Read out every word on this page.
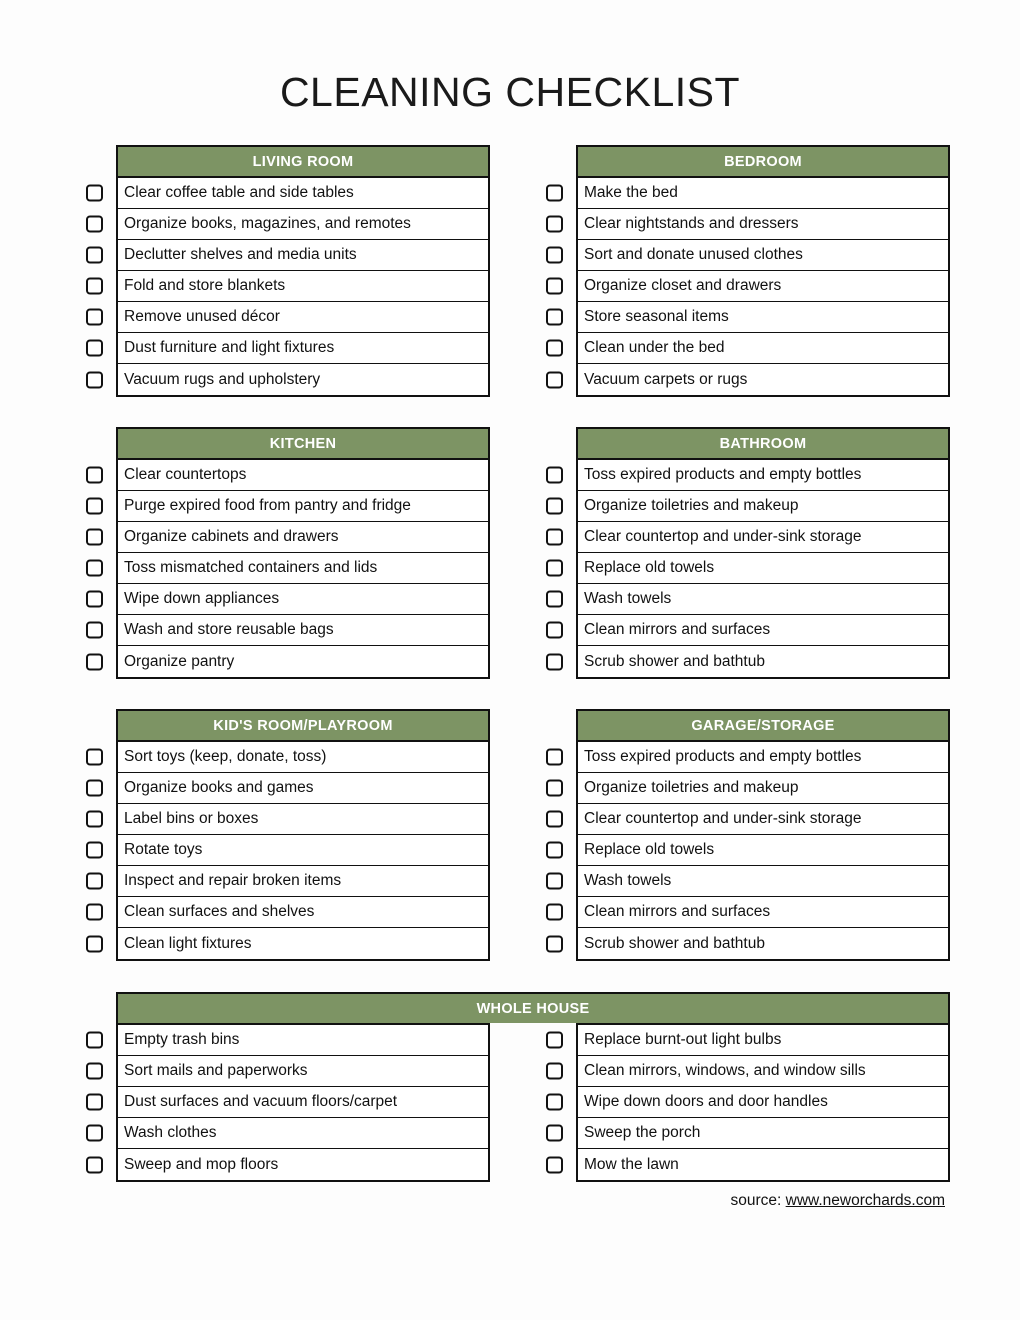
CLEANING CHECKLIST
LIVING ROOM
Clear coffee table and side tables
Organize books, magazines, and remotes
Declutter shelves and media units
Fold and store blankets
Remove unused décor
Dust furniture and light fixtures
Vacuum rugs and upholstery
BEDROOM
Make the bed
Clear nightstands and dressers
Sort and donate unused clothes
Organize closet and drawers
Store seasonal items
Clean under the bed
Vacuum carpets or rugs
KITCHEN
Clear countertops
Purge expired food from pantry and fridge
Organize cabinets and drawers
Toss mismatched containers and lids
Wipe down appliances
Wash and store reusable bags
Organize pantry
BATHROOM
Toss expired products and empty bottles
Organize toiletries and makeup
Clear countertop and under-sink storage
Replace old towels
Wash towels
Clean mirrors and surfaces
Scrub shower and bathtub
KID'S ROOM/PLAYROOM
Sort toys (keep, donate, toss)
Organize books and games
Label bins or boxes
Rotate toys
Inspect and repair broken items
Clean surfaces and shelves
Clean light fixtures
GARAGE/STORAGE
Toss expired products and empty bottles
Organize toiletries and makeup
Clear countertop and under-sink storage
Replace old towels
Wash towels
Clean mirrors and surfaces
Scrub shower and bathtub
WHOLE HOUSE
Empty trash bins
Sort mails and paperworks
Dust surfaces and vacuum floors/carpet
Wash clothes
Sweep and mop floors
Replace burnt-out light bulbs
Clean mirrors, windows, and window sills
Wipe down doors and door handles
Sweep the porch
Mow the lawn
source: www.neworchards.com
